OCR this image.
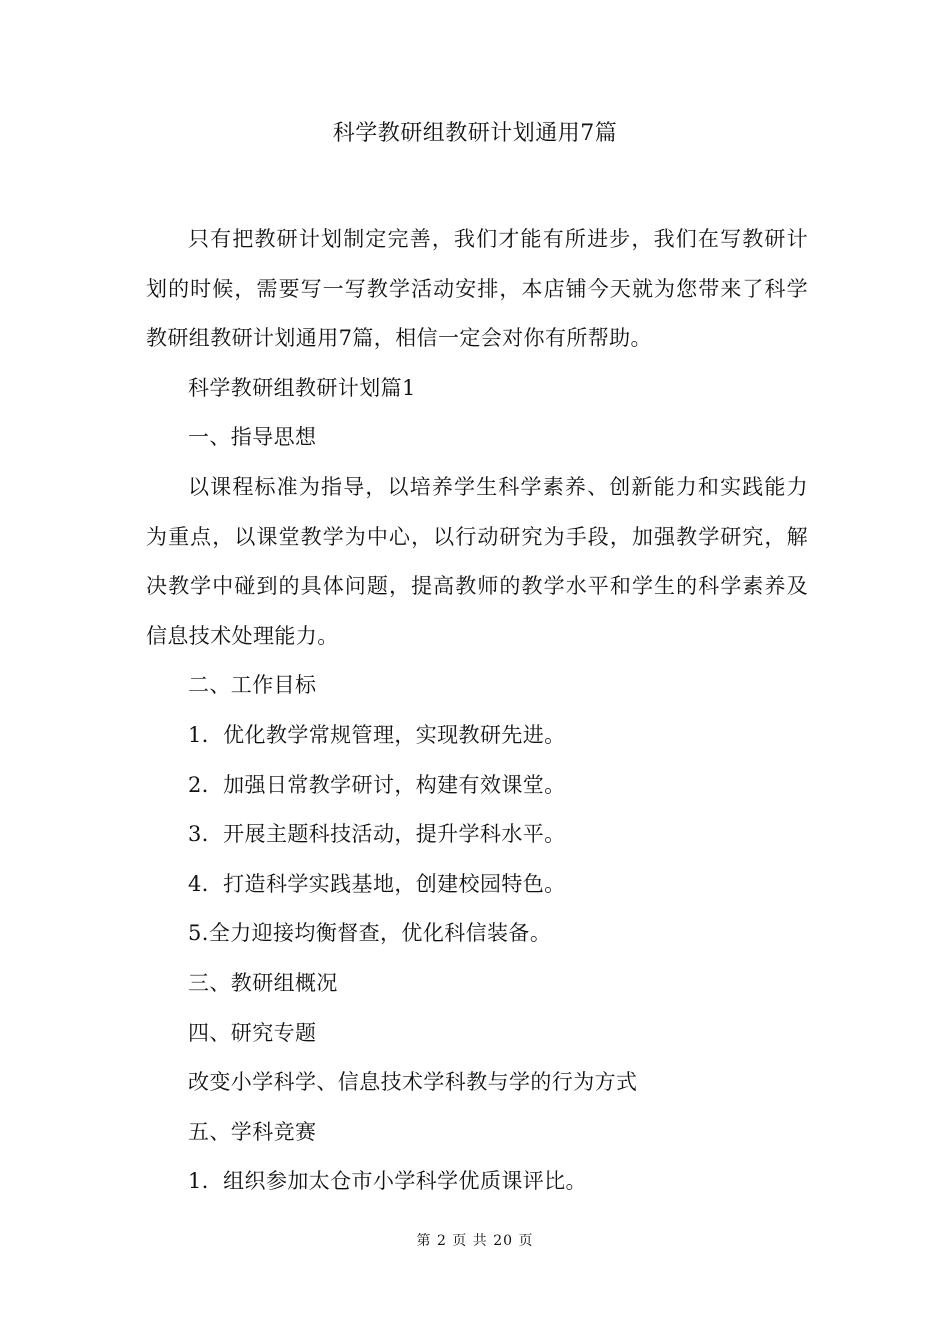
科学教研组教研计划通用7篇

只有把教研计划制定完善，我们才能有所进步，我们在写教研计划的时候，需要写一写教学活动安排，本店铺今天就为您带来了科学教研组教研计划通用7篇，相信一定会对你有所帮助。

科学教研组教研计划篇1

一、指导思想

以课程标准为指导，以培养学生科学素养、创新能力和实践能力为重点，以课堂教学为中心，以行动研究为手段，加强教学研究，解决教学中碰到的具体问题，提高教师的教学水平和学生的科学素养及信息技术处理能力。

二、工作目标

1．优化教学常规管理，实现教研先进。

2．加强日常教学研讨，构建有效课堂。

3．开展主题科技活动，提升学科水平。

4．打造科学实践基地，创建校园特色。

5.全力迎接均衡督查，优化科信装备。

三、教研组概况

四、研究专题

改变小学科学、信息技术学科教与学的行为方式

五、学科竞赛

1．组织参加太仓市小学科学优质课评比。

第 2 页 共 20 页
